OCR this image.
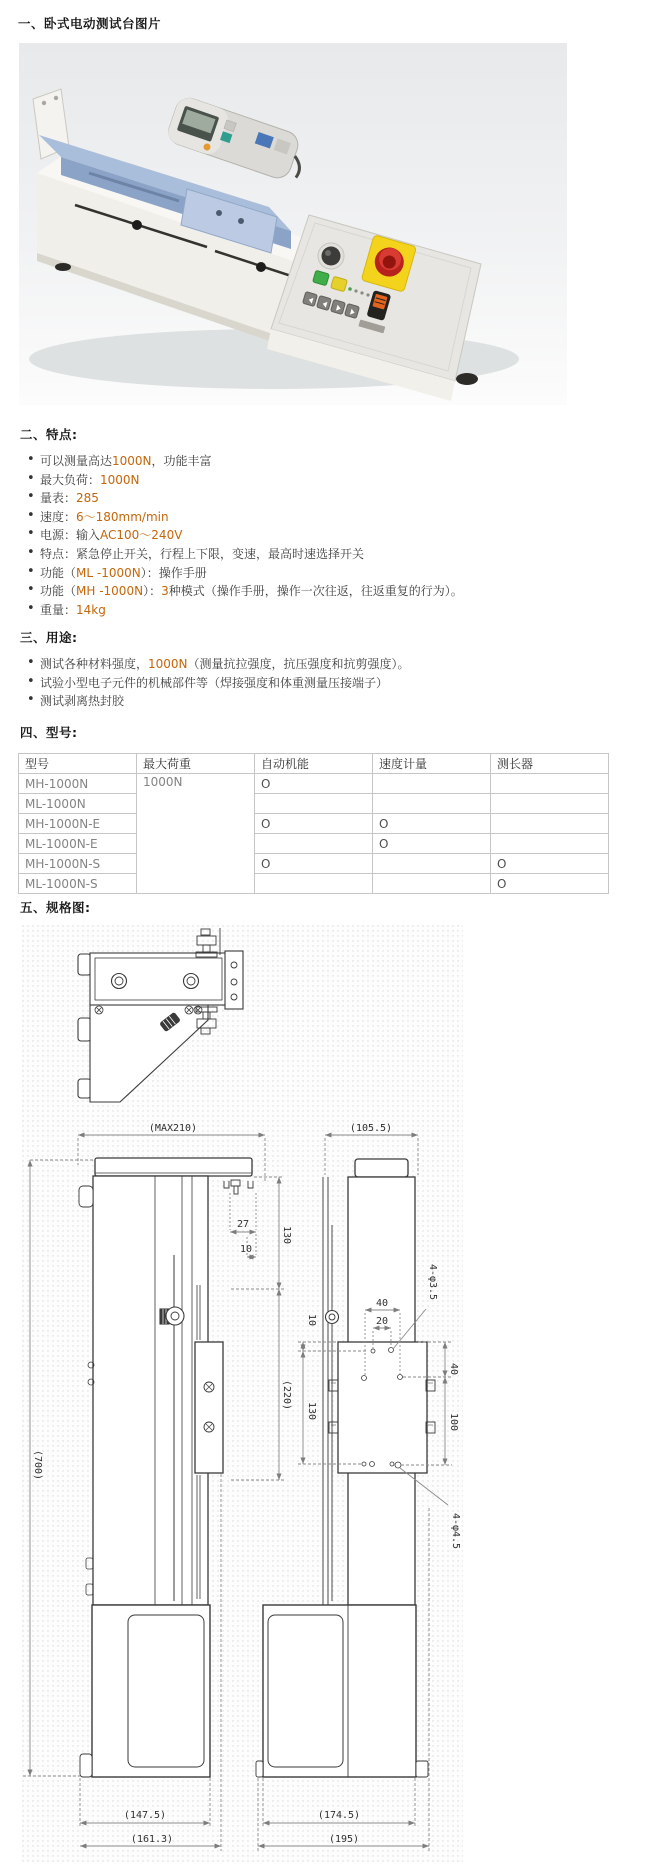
一、卧式电动测试台图片
二、特点:
• 可以测量高达1000N，功能丰富
• 最大负荷：1000N
• 量表：285
• 速度：6～180mm/min
• 电源：输入AC100～240V
• 特点：紧急停止开关，行程上下限，变速，最高时速选择开关
• 功能（ML -1000N）：操作手册
• 功能（MH -1000N）：3种模式（操作手册，操作一次往返，往返重复的行为）。
• 重量：14kg
三、用途:
• 测试各种材料强度，1000N（测量抗拉强度，抗压强度和抗剪强度）。
• 试验小型电子元件的机械部件等（焊接强度和体重测量压接端子）
• 测试剥离热封胶
四、型号:
型号	最大荷重	自动机能	速度计量	测长器
MH-1000N	1000N	O		
ML-1000N				
MH-1000N-E		O	O	
ML-1000N-E			O	
MH-1000N-S		O		O
ML-1000N-S				O
五、规格图:
(MAX210)	(105.5)
27
10
130
(220)
(700)
40
20
4-φ3.5
10
130
40
100
4-φ4.5
(147.5)
(161.3)
(174.5)
(195)
